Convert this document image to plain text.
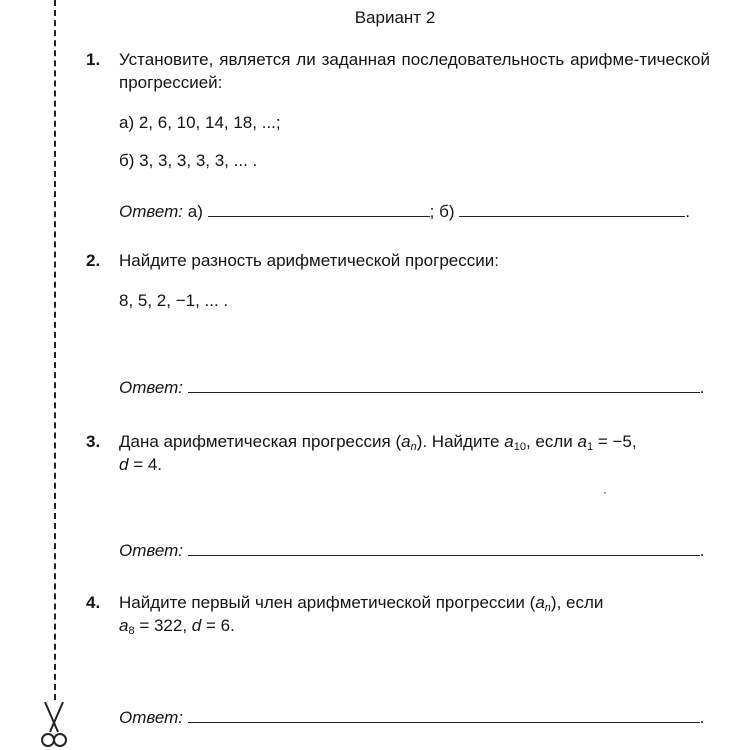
Вариант 2
1. Установите, является ли заданная последовательность арифме-тической прогрессией:
а) 2, 6, 10, 14, 18, ...;
б) 3, 3, 3, 3, 3, ... .
Ответ: а)	; б)	.
2. Найдите разность арифметической прогрессии:
8, 5, 2, −1, ... .
Ответ:	.
3. Дана арифметическая прогрессия $(a_n)$. Найдите $a_{10}$, если $a_1 = -5$,
d = 4.
Ответ:	.
4. Найдите первый член арифметической прогрессии $(a_n)$, если
$a_8 = 322$, d = 6.
Ответ:	.
